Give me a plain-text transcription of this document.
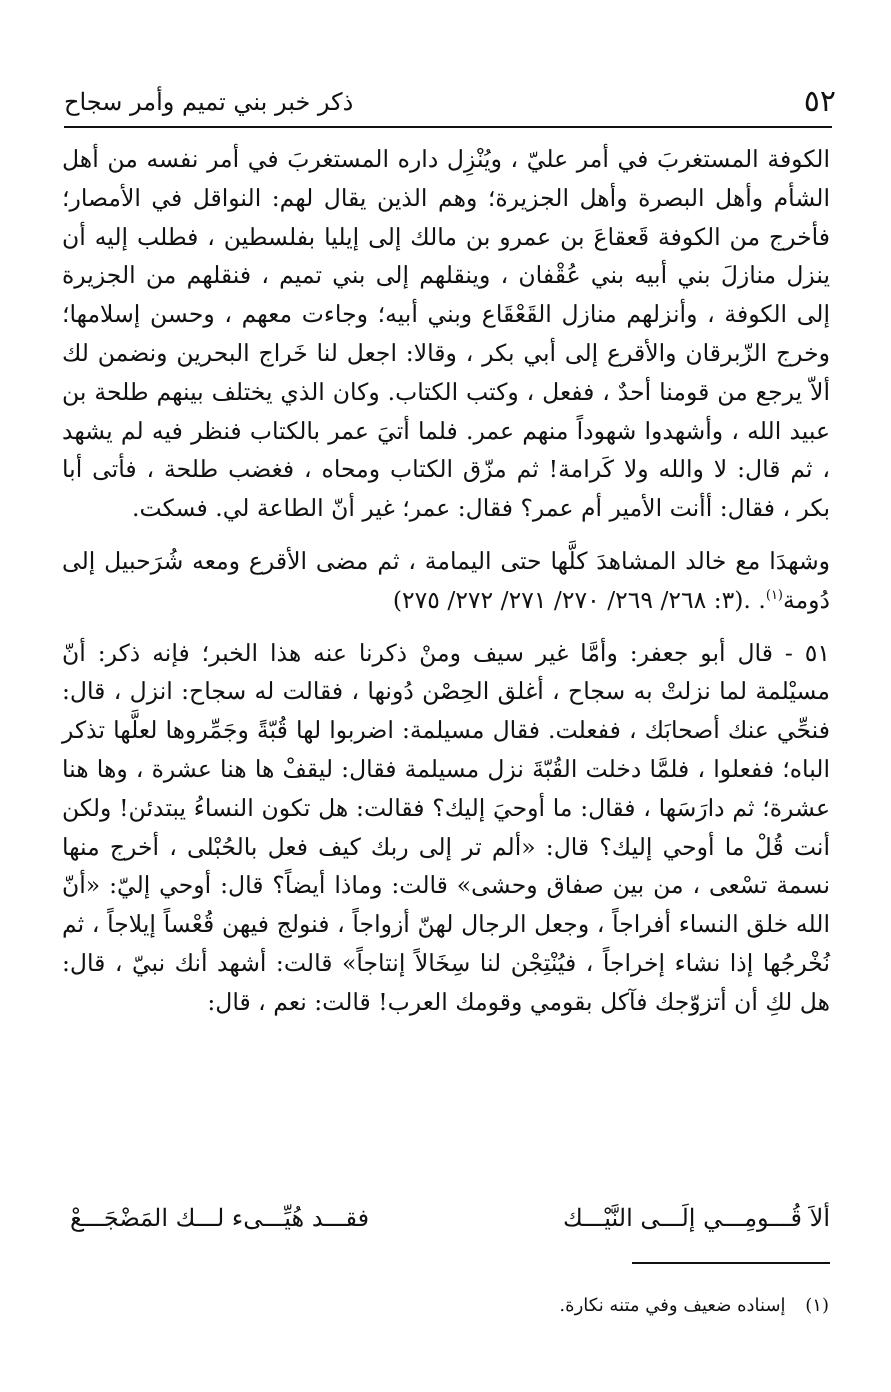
٥٢
ذكر خبر بني تميم وأمر سجاح

الكوفة المستغربَ في أمر عليّ ، ويُنْزِل داره المستغربَ في أمر نفسه من أهل الشأم وأهل البصرة وأهل الجزيرة؛ وهم الذين يقال لهم: النواقل في الأمصار؛ فأخرج من الكوفة قَعقاعَ بن عمرو بن مالك إلى إيليا بفلسطين ، فطلب إليه أن ينزل منازلَ بني أبيه بني عُقْفان ، وينقلهم إلى بني تميم ، فنقلهم من الجزيرة إلى الكوفة ، وأنزلهم منازل القَعْقَاع وبني أبيه؛ وجاءت معهم ، وحسن إسلامها؛ وخرج الزّبرقان والأقرع إلى أبي بكر ، وقالا: اجعل لنا خَراج البحرين ونضمن لك ألاّ يرجع من قومنا أحدٌ ، ففعل ، وكتب الكتاب. وكان الذي يختلف بينهم طلحة بن عبيد الله ، وأشهدوا شهوداً منهم عمر. فلما أتيَ عمر بالكتاب فنظر فيه لم يشهد ، ثم قال: لا والله ولا كَرامة! ثم مزّق الكتاب ومحاه ، فغضب طلحة ، فأتى أبا بكر ، فقال: أأنت الأمير أم عمر؟ فقال: عمر؛ غير أنّ الطاعة لي. فسكت.

وشهدَا مع خالد المشاهدَ كلَّها حتى اليمامة ، ثم مضى الأقرع ومعه شُرَحبيل إلى دُومة$^{(١)}$. (٣: ٢٦٨/ ٢٦٩/ ٢٧٠/ ٢٧١/ ٢٧٢/ ٢٧٥).

٥١ - قال أبو جعفر: وأمَّا غير سيف ومنْ ذكرنا عنه هذا الخبر؛ فإنه ذكر: أنّ مسيْلمة لما نزلتْ به سجاح ، أغلق الحِصْن دُونها ، فقالت له سجاح: انزل ، قال: فنحِّي عنك أصحابَك ، ففعلت. فقال مسيلمة: اضربوا لها قُبّةً وجَمِّروها لعلَّها تذكر الباه؛ ففعلوا ، فلمَّا دخلت القُبّةَ نزل مسيلمة فقال: ليقفْ ها هنا عشرة ، وها هنا عشرة؛ ثم دارَسَها ، فقال: ما أوحيَ إليك؟ فقالت: هل تكون النساءُ يبتدئن! ولكن أنت قُلْ ما أوحي إليك؟ قال: «ألم تر إلى ربك كيف فعل بالحُبْلى ، أخرج منها نسمة تسْعى ، من بين صفاق وحشى» قالت: وماذا أيضاً؟ قال: أوحي إليّ: «أنّ الله خلق النساء أفراجاً ، وجعل الرجال لهنّ أزواجاً ، فنولج فيهن قُعْساً إيلاجاً ، ثم نُخْرجُها إذا نشاء إخراجاً ، فيُنْتِجْن لنا سِخَالاً إنتاجاً» قالت: أشهد أنك نبيّ ، قال: هل لكِ أن أتزوّجك فآكل بقومي وقومك العرب! قالت: نعم ، قال:

ألاَ قُـــومِـــي إلَـــى النَّيْـــك
فقـــد هُيِّـــىء لـــك المَضْجَـــعْ
(١) إسناده ضعيف وفي متنه نكارة.
